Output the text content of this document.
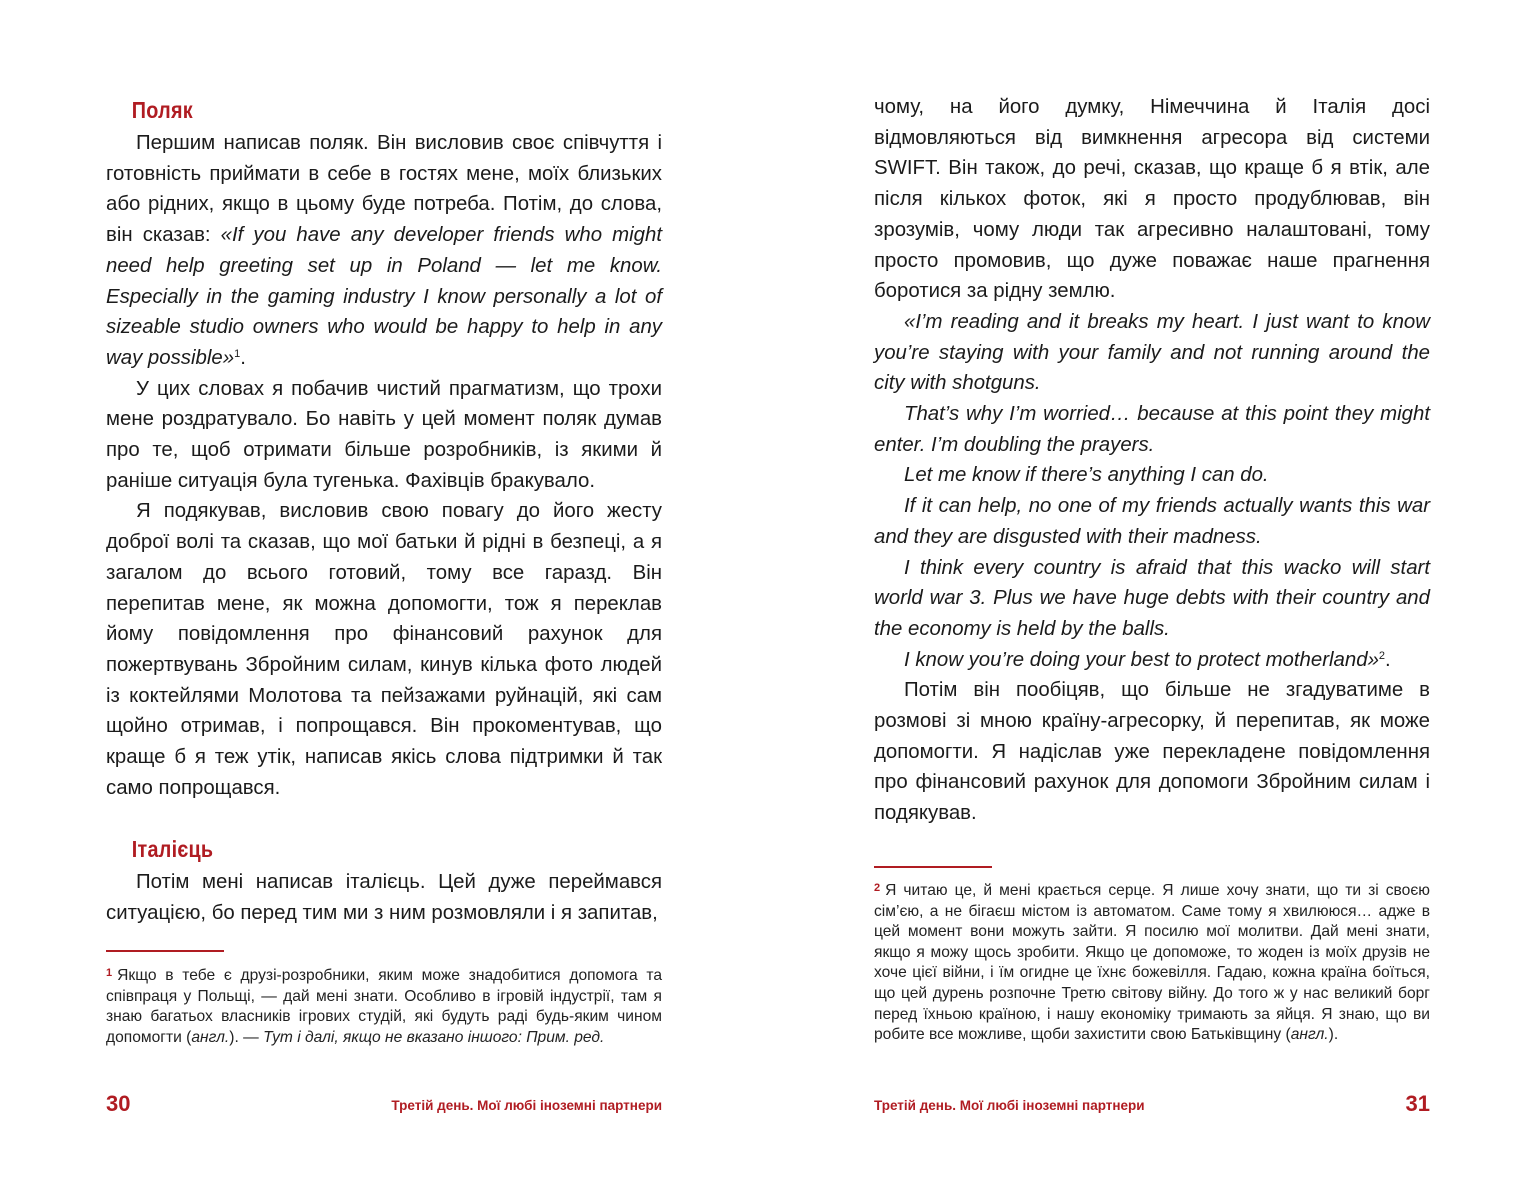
Поляк

Першим написав поляк. Він висловив своє співчуття і готовність приймати в себе в гостях мене, моїх близьких або рідних, якщо в цьому буде потреба. Потім, до слова, він сказав: «If you have any developer friends who might need help greeting set up in Poland — let me know. Especially in the gaming industry I know personally a lot of sizeable studio owners who would be happy to help in any way possible»$^1$.

У цих словах я побачив чистий прагматизм, що трохи мене роздратувало. Бо навіть у цей момент поляк думав про те, щоб отримати більше розробників, із якими й раніше ситуація була тугенька. Фахівців бракувало.

Я подякував, висловив свою повагу до його жесту доброї волі та сказав, що мої батьки й рідні в безпеці, а я загалом до всього готовий, тому все гаразд. Він перепитав мене, як можна допомогти, тож я переклав йому повідомлення про фінансовий рахунок для пожертвувань Збройним силам, кинув кілька фото людей із коктейлями Молотова та пейзажами руйнацій, які сам щойно отримав, і попрощався. Він прокоментував, що краще б я теж утік, написав якісь слова підтримки й так само попрощався.

Італієць

Потім мені написав італієць. Цей дуже переймався ситуацією, бо перед тим ми з ним розмовляли і я запитав,

$^1$ Якщо в тебе є друзі-розробники, яким може знадобитися допомога та співпраця у Польщі, — дай мені знати. Особливо в ігровій індустрії, там я знаю багатьох власників ігрових студій, які будуть раді будь-яким чином допомогти (англ.). — Тут і далі, якщо не вказано іншого: Прим. ред.
30	Третій день. Мої любі іноземні партнери

чому, на його думку, Німеччина й Італія досі відмовляються від вимкнення агресора від системи SWIFT. Він також, до речі, сказав, що краще б я втік, але після кількох фоток, які я просто продублював, він зрозумів, чому люди так агресивно налаштовані, тому просто промовив, що дуже поважає наше прагнення боротися за рідну землю.

«I’m reading and it breaks my heart. I just want to know you’re staying with your family and not running around the city with shotguns.

That’s why I’m worried… because at this point they might enter. I’m doubling the prayers.

Let me know if there’s anything I can do.

If it can help, no one of my friends actually wants this war and they are disgusted with their madness.

I think every country is afraid that this wacko will start world war 3. Plus we have huge debts with their country and the economy is held by the balls.

I know you’re doing your best to protect motherland»$^2$.

Потім він пообіцяв, що більше не згадуватиме в розмові зі мною країну-агресорку, й перепитав, як може допомогти. Я надіслав уже перекладене повідомлення про фінансовий рахунок для допомоги Збройним силам і подякував.

$^2$ Я читаю це, й мені крається серце. Я лише хочу знати, що ти зі своєю сім’єю, а не бігаєш містом із автоматом. Саме тому я хвилююся… адже в цей момент вони можуть зайти. Я посилю мої молитви. Дай мені знати, якщо я можу щось зробити. Якщо це допоможе, то жоден із моїх друзів не хоче цієї війни, і їм огидне це їхнє божевілля. Гадаю, кожна країна боїться, що цей дурень розпочне Третю світову війну. До того ж у нас великий борг перед їхньою країною, і нашу економіку тримають за яйця. Я знаю, що ви робите все можливе, щоби захистити свою Батьківщину (англ.).
Третій день. Мої любі іноземні партнери	31
